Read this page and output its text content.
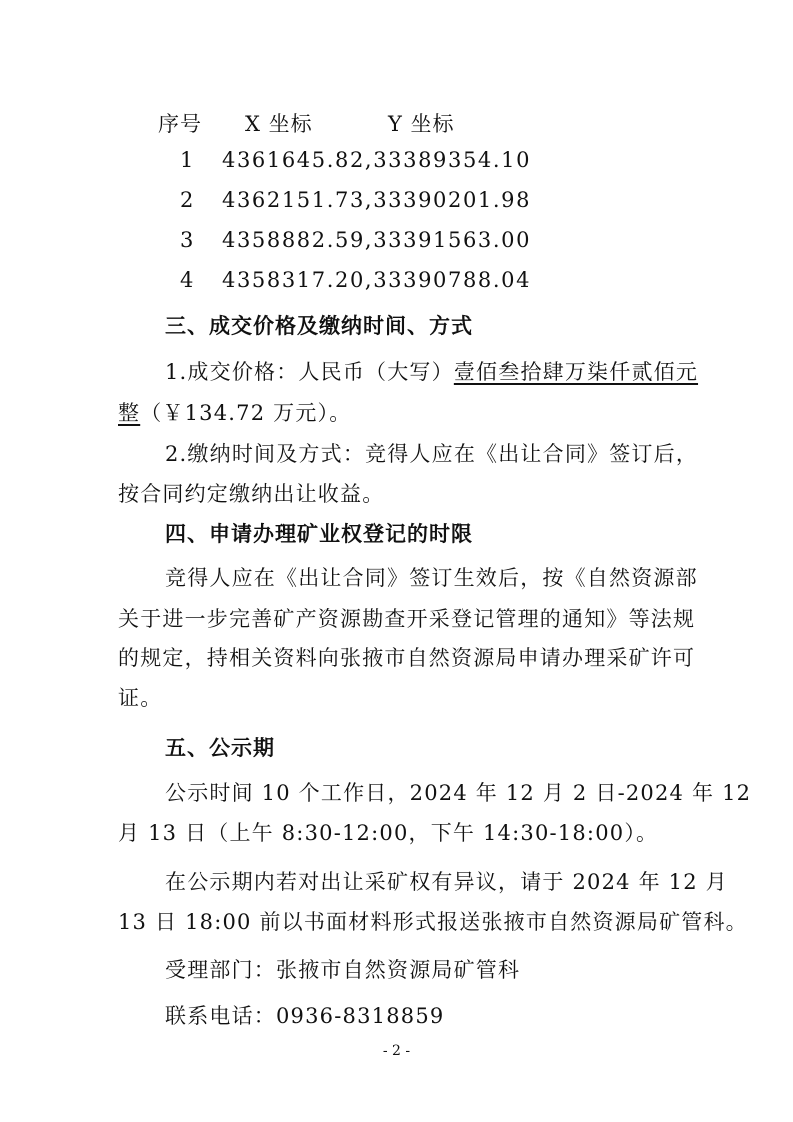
序号 X 坐标	Y 坐标
1 4361645.82,33389354.10
2 4362151.73,33390201.98
3 4358882.59,33391563.00
4 4358317.20,33390788.04
三、成交价格及缴纳时间、方式
1.成交价格：人民币（大写）壹佰叁拾肆万柒仟贰佰元
整（￥134.72 万元）。
2.缴纳时间及方式：竞得人应在《出让合同》签订后，
按合同约定缴纳出让收益。
四、申请办理矿业权登记的时限
竞得人应在《出让合同》签订生效后，按《自然资源部
关于进一步完善矿产资源勘查开采登记管理的通知》等法规
的规定，持相关资料向张掖市自然资源局申请办理采矿许可
证。
五、公示期
公示时间 10 个工作日，2024 年 12 月 2 日-2024 年 12
月 13 日（上午 8:30-12:00，下午 14:30-18:00）。
在公示期内若对出让采矿权有异议，请于 2024 年 12 月
13 日 18:00 前以书面材料形式报送张掖市自然资源局矿管科。
受理部门：张掖市自然资源局矿管科
联系电话：0936-8318859
- 2 -
